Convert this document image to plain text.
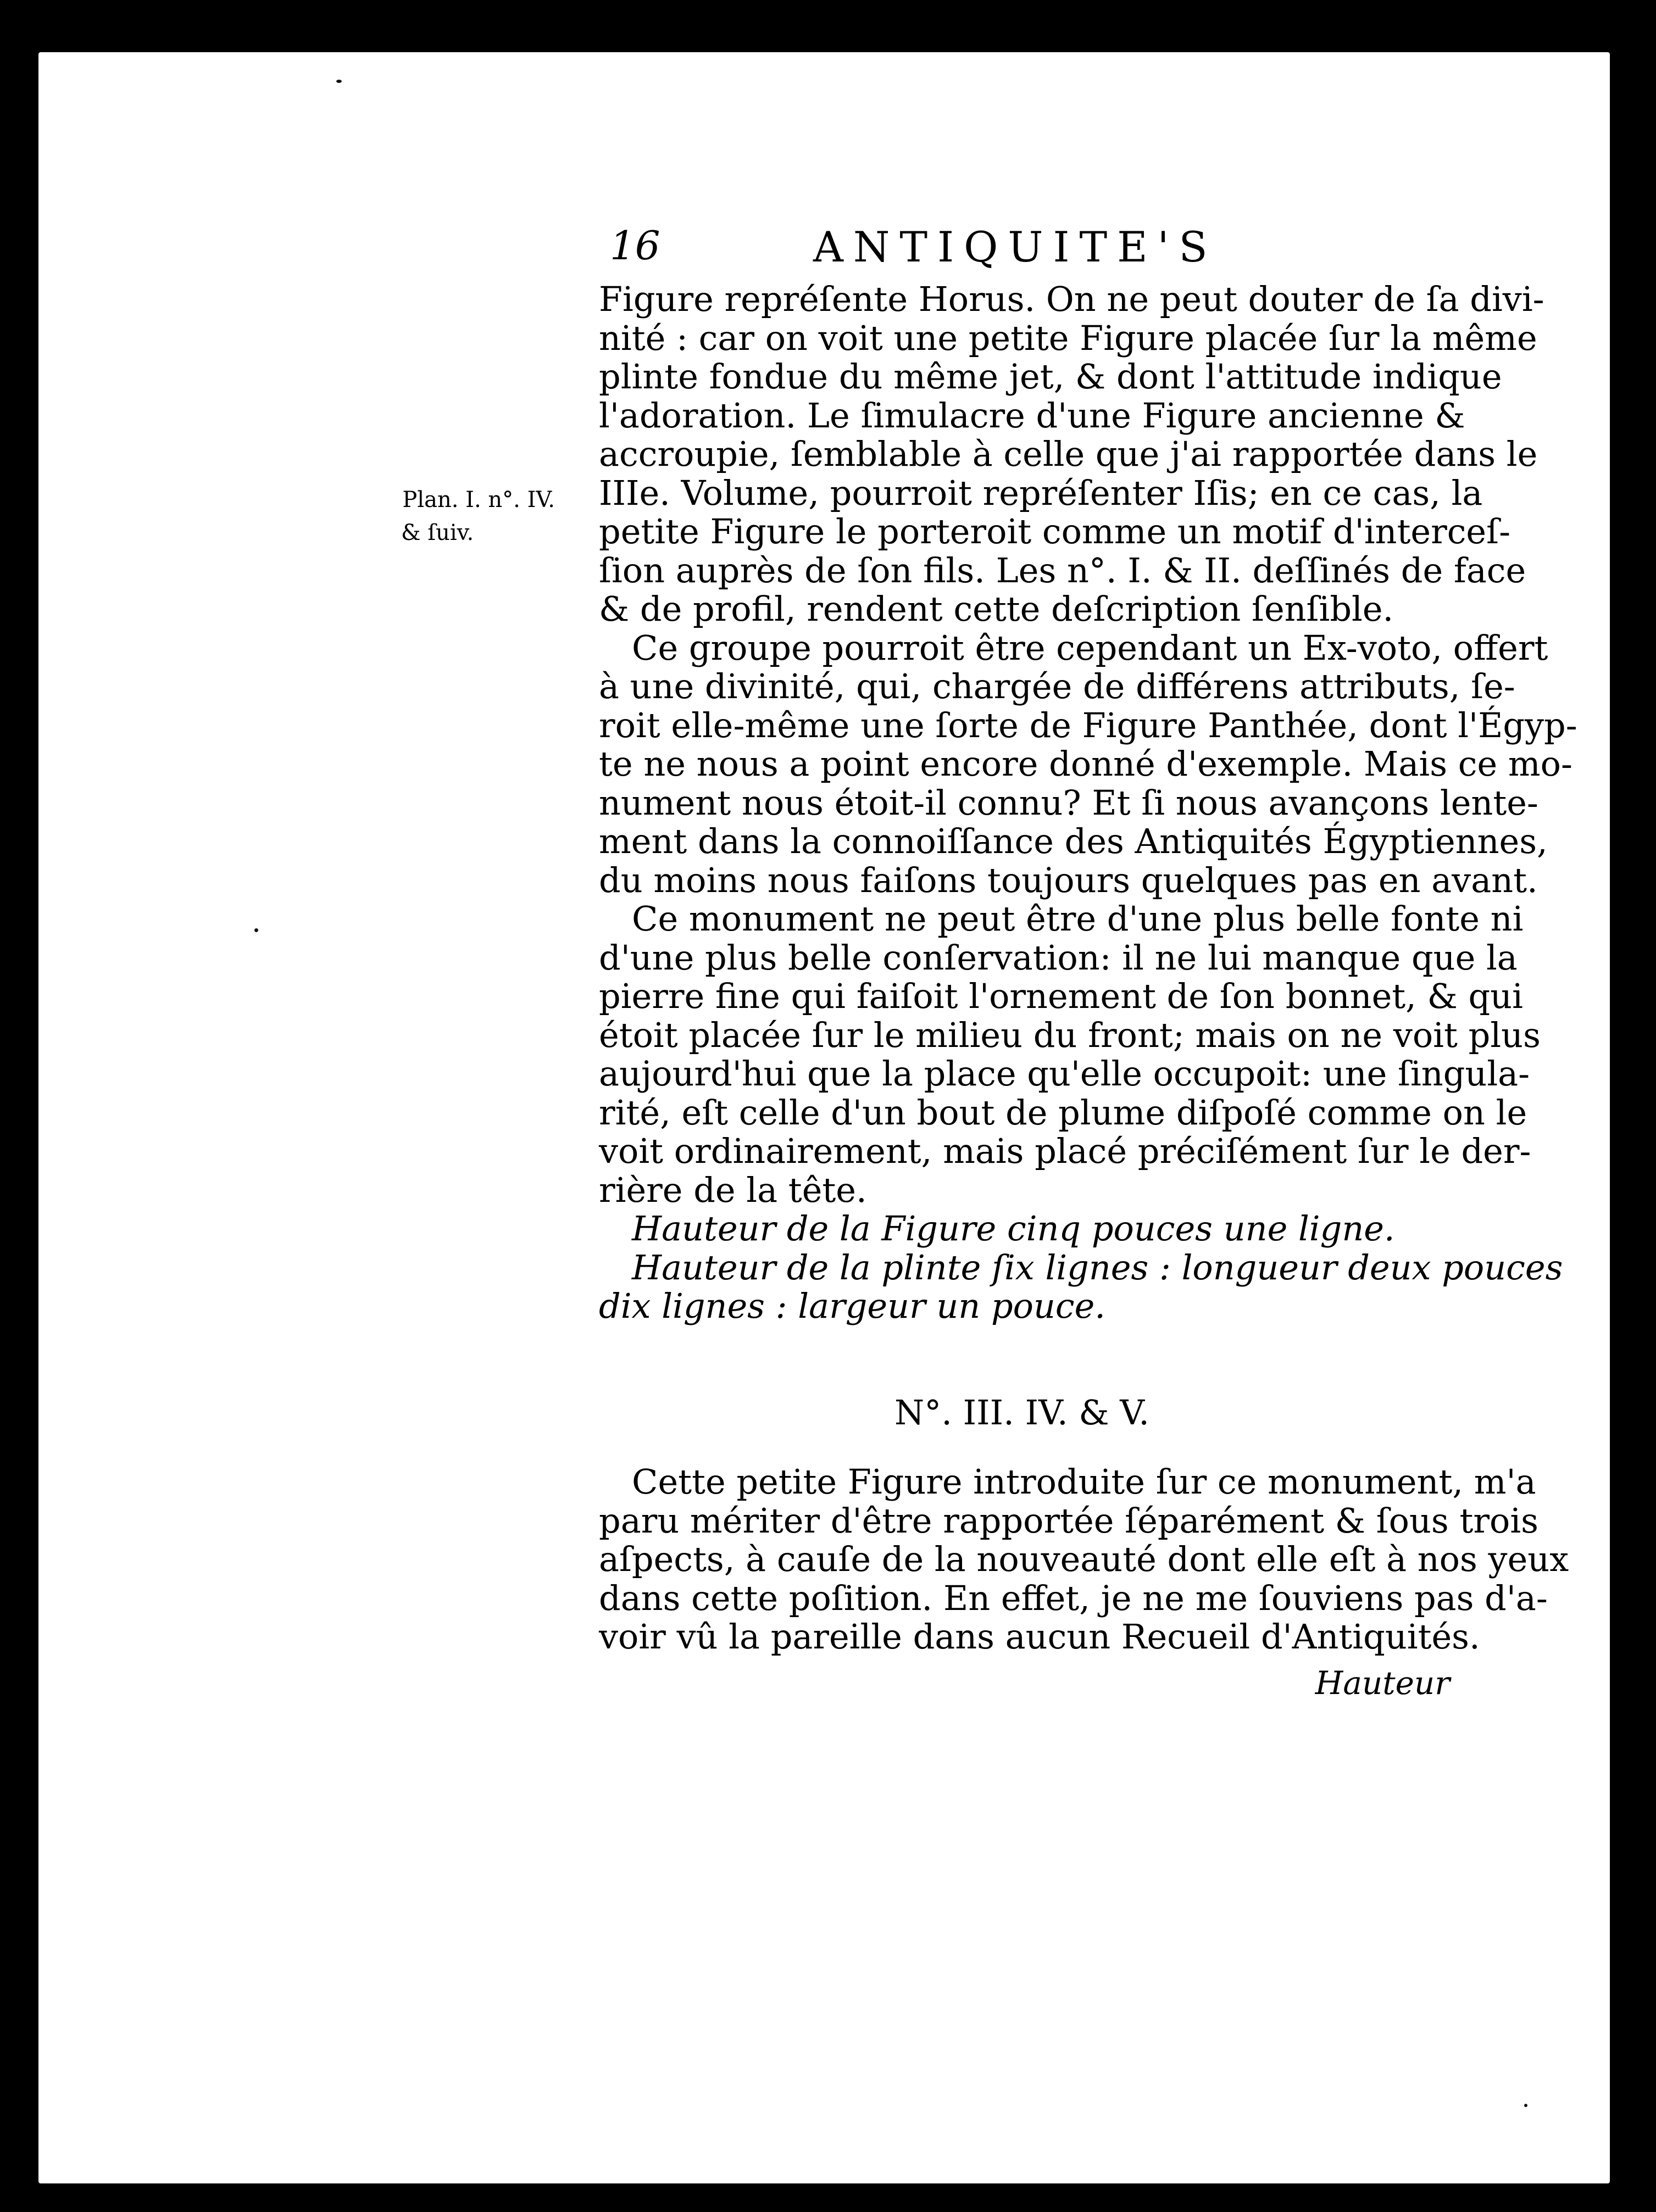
16	ANTIQUITE'S
Plan. I. n°. IV.
& ſuiv.
Figure repréſente Horus. On ne peut douter de ſa divi-
nité : car on voit une petite Figure placée ſur la même
plinte fondue du même jet, & dont l'attitude indique
l'adoration. Le ſimulacre d'une Figure ancienne &
accroupie, ſemblable à celle que j'ai rapportée dans le
IIIe. Volume, pourroit repréſenter Iſis; en ce cas, la
petite Figure le porteroit comme un motif d'interceſ-
ſion auprès de ſon fils. Les n°. I. & II. deſſinés de face
& de profil, rendent cette deſcription ſenſible.
Ce groupe pourroit être cependant un Ex-voto, offert
à une divinité, qui, chargée de différens attributs, ſe-
roit elle-même une ſorte de Figure Panthée, dont l'Égyp-
te ne nous a point encore donné d'exemple. Mais ce mo-
nument nous étoit-il connu? Et ſi nous avançons lente-
ment dans la connoiſſance des Antiquités Égyptiennes,
du moins nous faiſons toujours quelques pas en avant.
Ce monument ne peut être d'une plus belle fonte ni
d'une plus belle conſervation: il ne lui manque que la
pierre fine qui faiſoit l'ornement de ſon bonnet, & qui
étoit placée ſur le milieu du front; mais on ne voit plus
aujourd'hui que la place qu'elle occupoit: une ſingula-
rité, eſt celle d'un bout de plume diſpoſé comme on le
voit ordinairement, mais placé préciſément ſur le der-
rière de la tête.
Hauteur de la Figure cinq pouces une ligne.
Hauteur de la plinte ſix lignes : longueur deux pouces
dix lignes : largeur un pouce.
N°. III. IV. & V.
Cette petite Figure introduite ſur ce monument, m'a
paru mériter d'être rapportée ſéparément & ſous trois
aſpects, à cauſe de la nouveauté dont elle eſt à nos yeux
dans cette poſition. En effet, je ne me ſouviens pas d'a-
voir vû la pareille dans aucun Recueil d'Antiquités.
Hauteur
